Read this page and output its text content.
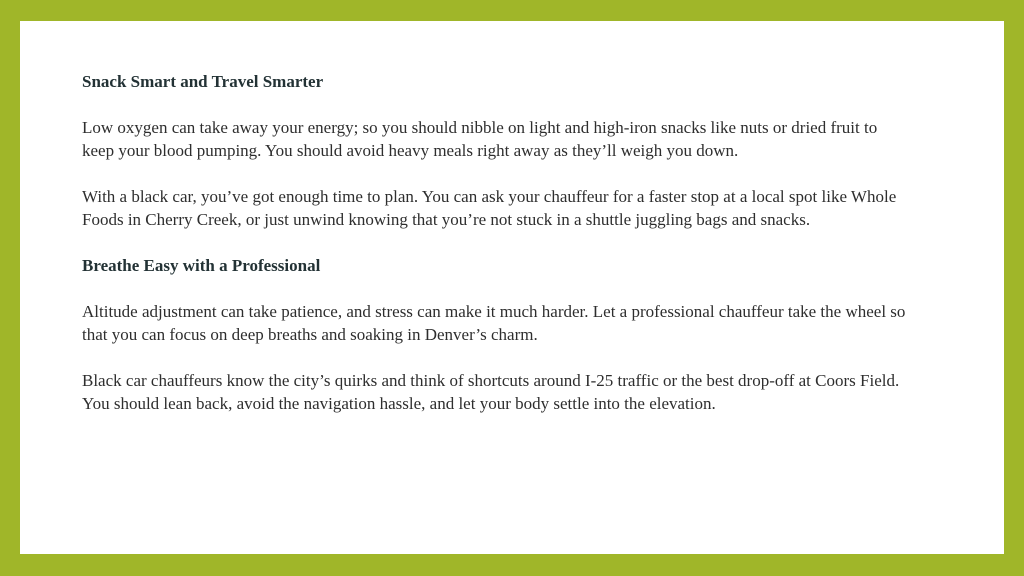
Snack Smart and Travel Smarter

Low oxygen can take away your energy; so you should nibble on light and high-iron snacks like nuts or dried fruit to keep your blood pumping. You should avoid heavy meals right away as they’ll weigh you down.

With a black car, you’ve got enough time to plan. You can ask your chauffeur for a faster stop at a local spot like Whole Foods in Cherry Creek, or just unwind knowing that you’re not stuck in a shuttle juggling bags and snacks.

Breathe Easy with a Professional

Altitude adjustment can take patience, and stress can make it much harder. Let a professional chauffeur take the wheel so that you can focus on deep breaths and soaking in Denver’s charm.

Black car chauffeurs know the city’s quirks and think of shortcuts around I-25 traffic or the best drop-off at Coors Field. You should lean back, avoid the navigation hassle, and let your body settle into the elevation.
